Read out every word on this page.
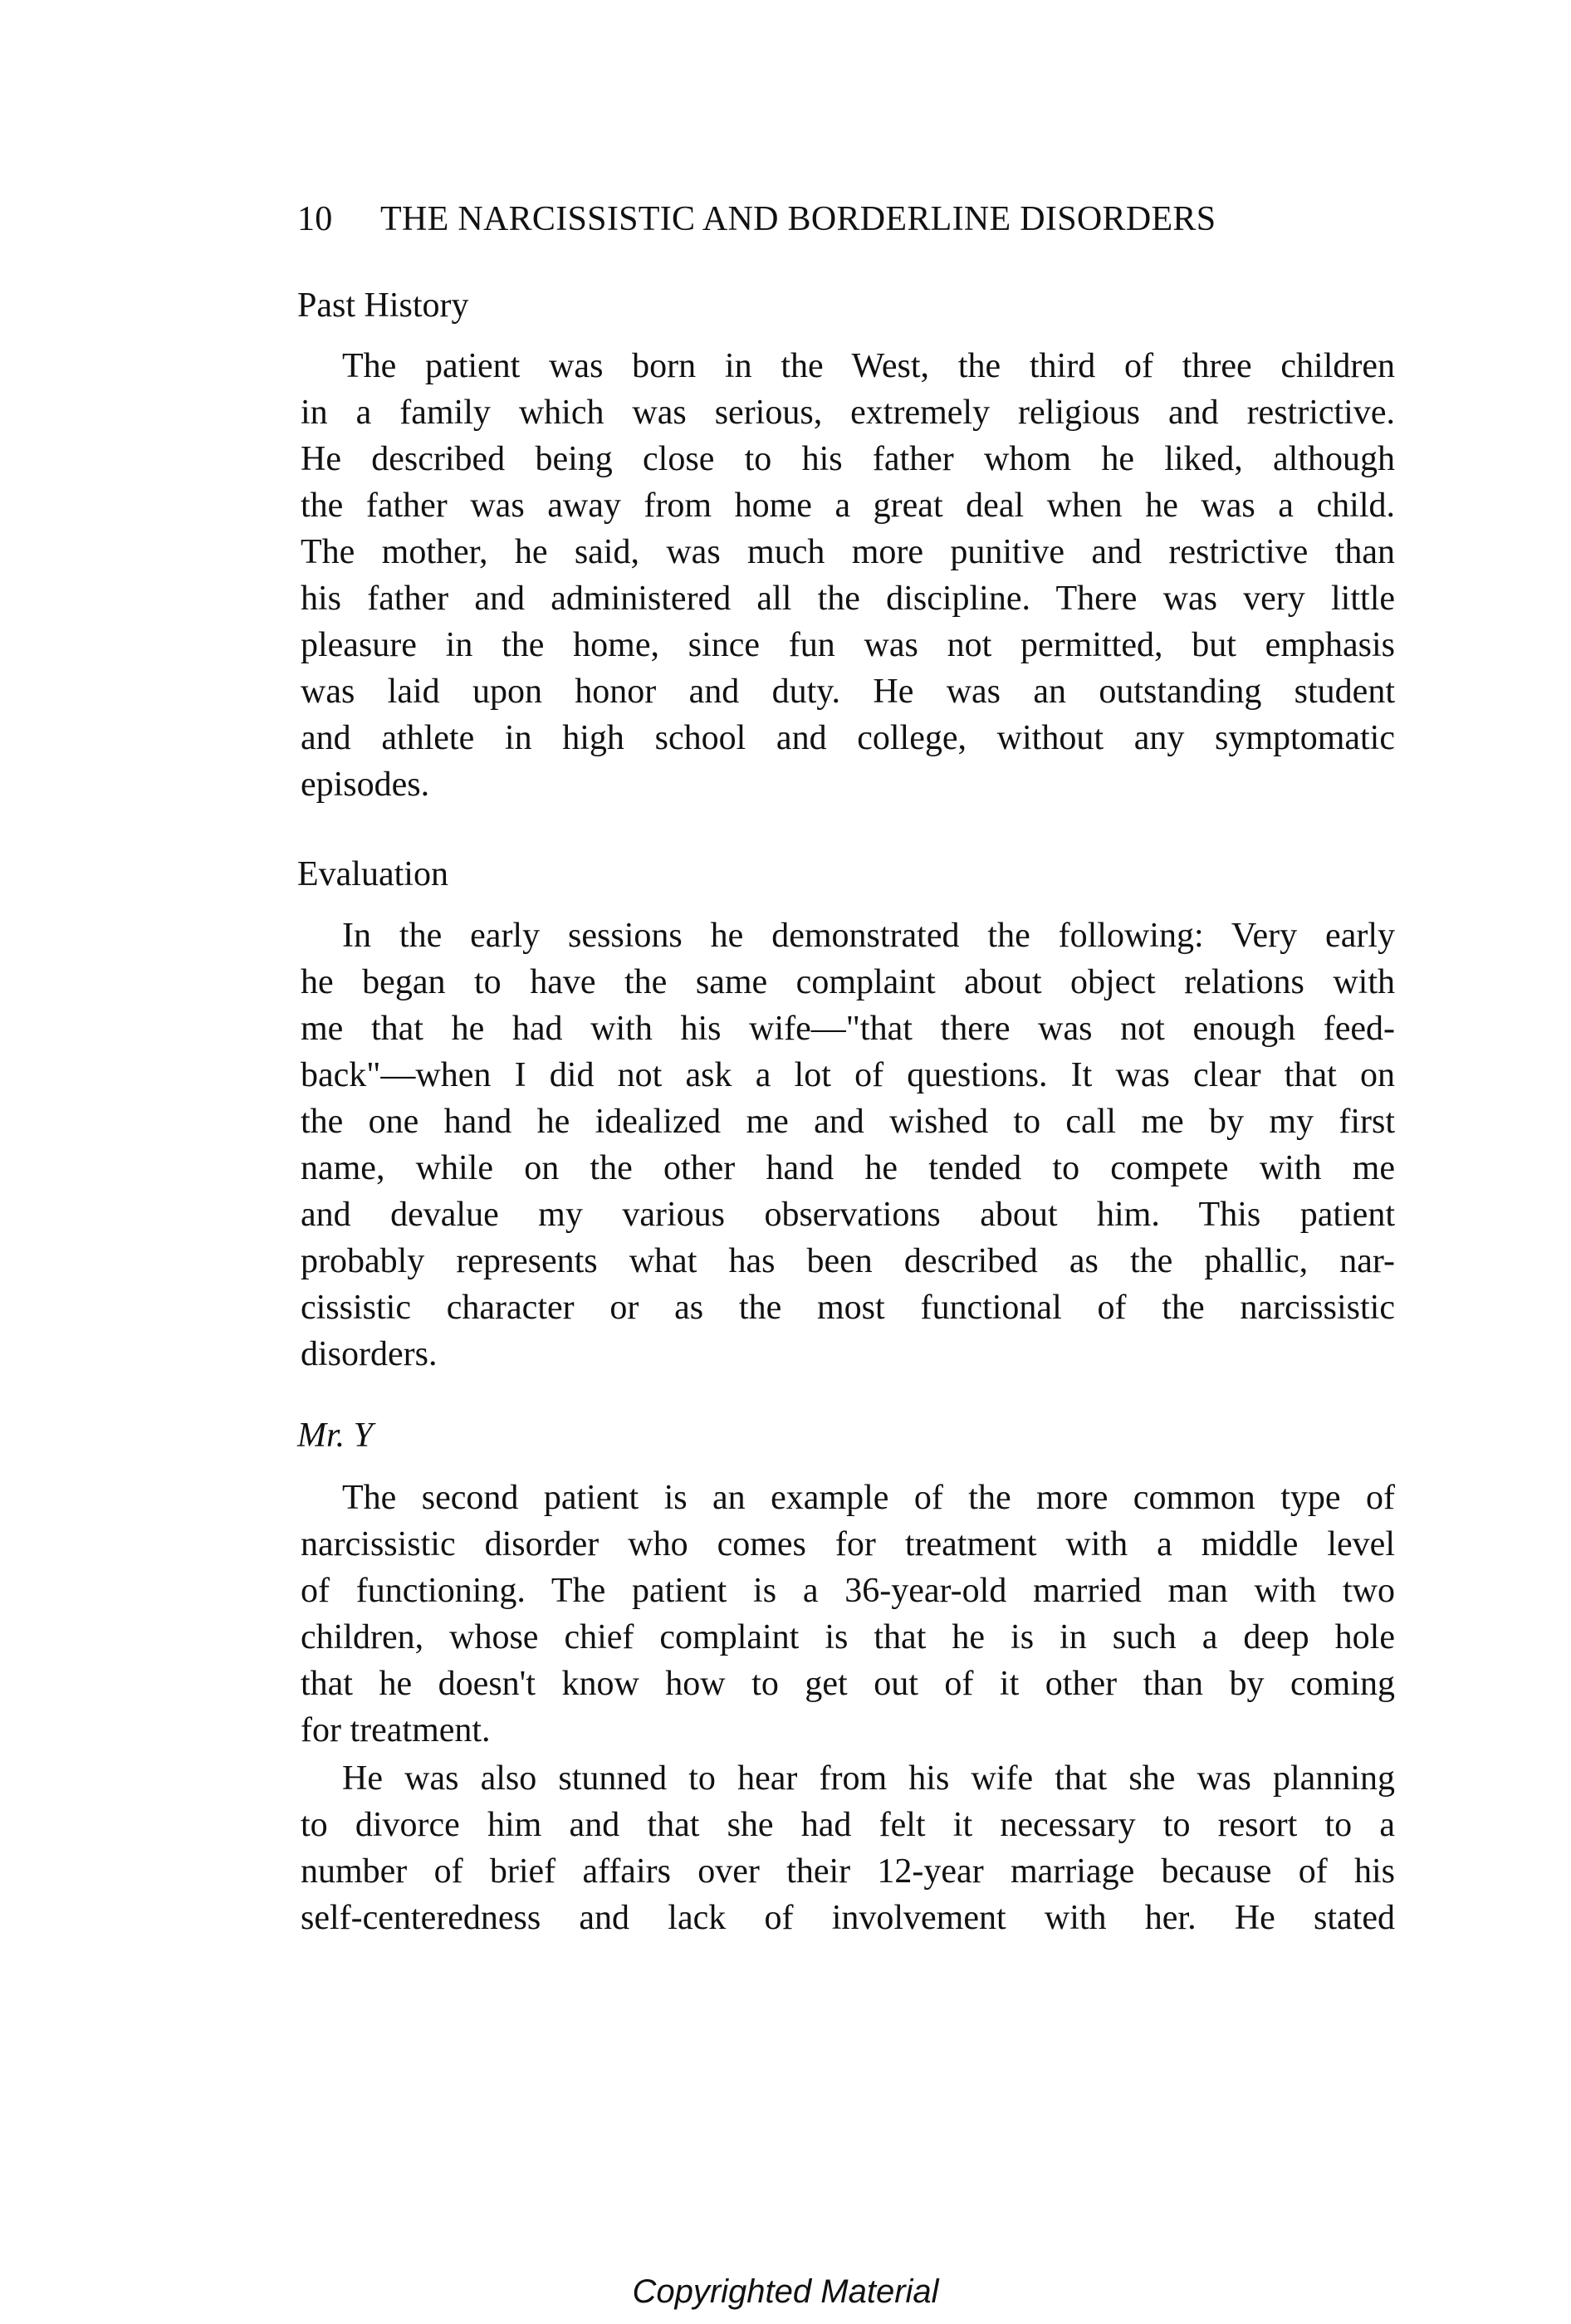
10 THE NARCISSISTIC AND BORDERLINE DISORDERS
Past History
The patient was born in the West, the third of three children
in a family which was serious, extremely religious and restrictive.
He described being close to his father whom he liked, although
the father was away from home a great deal when he was a child.
The mother, he said, was much more punitive and restrictive than
his father and administered all the discipline. There was very little
pleasure in the home, since fun was not permitted, but emphasis
was laid upon honor and duty. He was an outstanding student
and athlete in high school and college, without any symptomatic
episodes.
Evaluation
In the early sessions he demonstrated the following: Very early
he began to have the same complaint about object relations with
me that he had with his wife—"that there was not enough feed-
back"—when I did not ask a lot of questions. It was clear that on
the one hand he idealized me and wished to call me by my first
name, while on the other hand he tended to compete with me
and devalue my various observations about him. This patient
probably represents what has been described as the phallic, nar-
cissistic character or as the most functional of the narcissistic
disorders.
Mr. Y
The second patient is an example of the more common type of
narcissistic disorder who comes for treatment with a middle level
of functioning. The patient is a 36-year-old married man with two
children, whose chief complaint is that he is in such a deep hole
that he doesn't know how to get out of it other than by coming
for treatment.
He was also stunned to hear from his wife that she was planning
to divorce him and that she had felt it necessary to resort to a
number of brief affairs over their 12-year marriage because of his
self-centeredness and lack of involvement with her. He stated
Copyrighted Material
